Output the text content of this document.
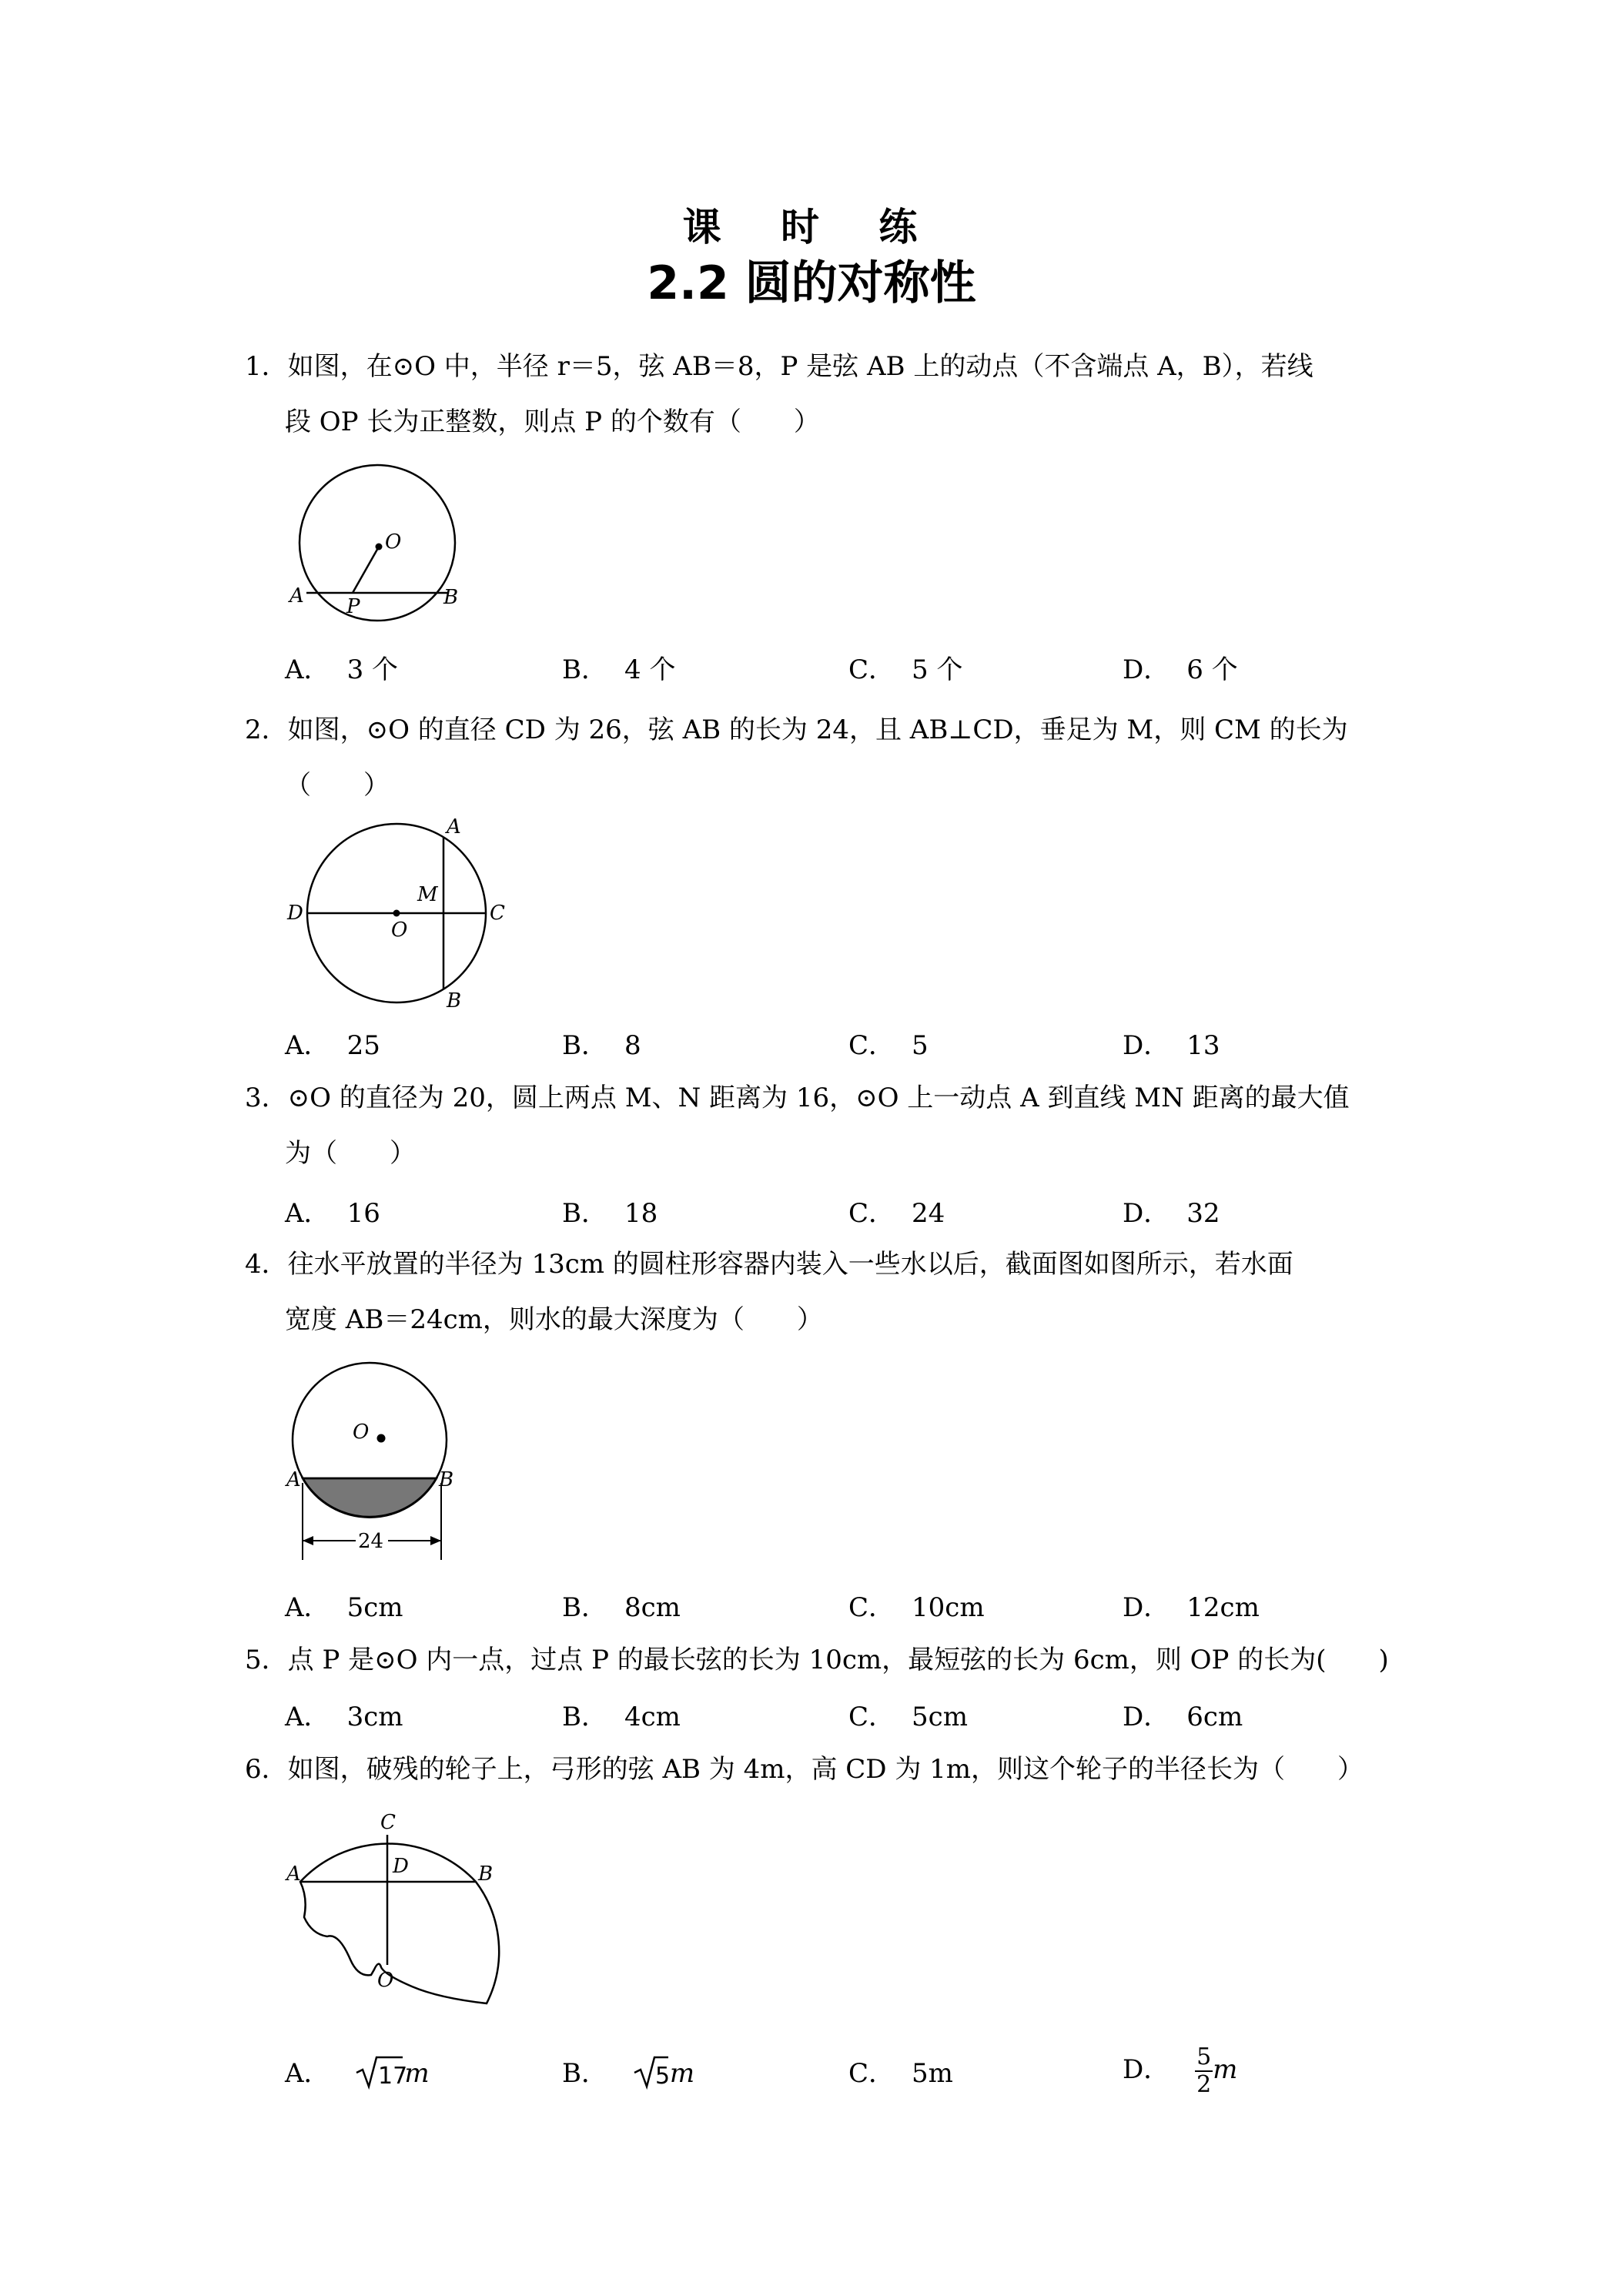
课 时 练
2.2 圆的对称性
1．如图，在⊙O 中，半径 r＝5，弦 AB＝8，P 是弦 AB 上的动点（不含端点 A，B），若线
段 OP 长为正整数，则点 P 的个数有（　　）
O
A P	B
A． 3 个	B． 4 个	C． 5 个	D． 6 个
2．如图，⊙O 的直径 CD 为 26，弦 AB 的长为 24，且 AB⊥CD，垂足为 M，则 CM 的长为
（　　）
A
B
C
D
M
O
A． 25	B． 8	C． 5	D． 13
3．⊙O 的直径为 20，圆上两点 M、N 距离为 16，⊙O 上一动点 A 到直线 MN 距离的最大值
为（　　）
A． 16	B． 18	C． 24	D． 32
4．往水平放置的半径为 13cm 的圆柱形容器内装入一些水以后，截面图如图所示，若水面
宽度 AB＝24cm，则水的最大深度为（　　）
O
A	B
24
A． 5cm	B． 8cm	C． 10cm	D． 12cm
5．点 P 是⊙O 内一点，过点 P 的最长弦的长为 10cm，最短弦的长为 6cm，则 OP 的长为(　　)
A． 3cm	B． 4cm	C． 5cm	D． 6cm
6．如图，破残的轮子上，弓形的弦 AB 为 4m，高 CD 为 1m，则这个轮子的半径长为（　　）
C
D
A	B
O
A． 17
m	B． 5 m	C． 5m	D． $\frac{5}{2}$ m
